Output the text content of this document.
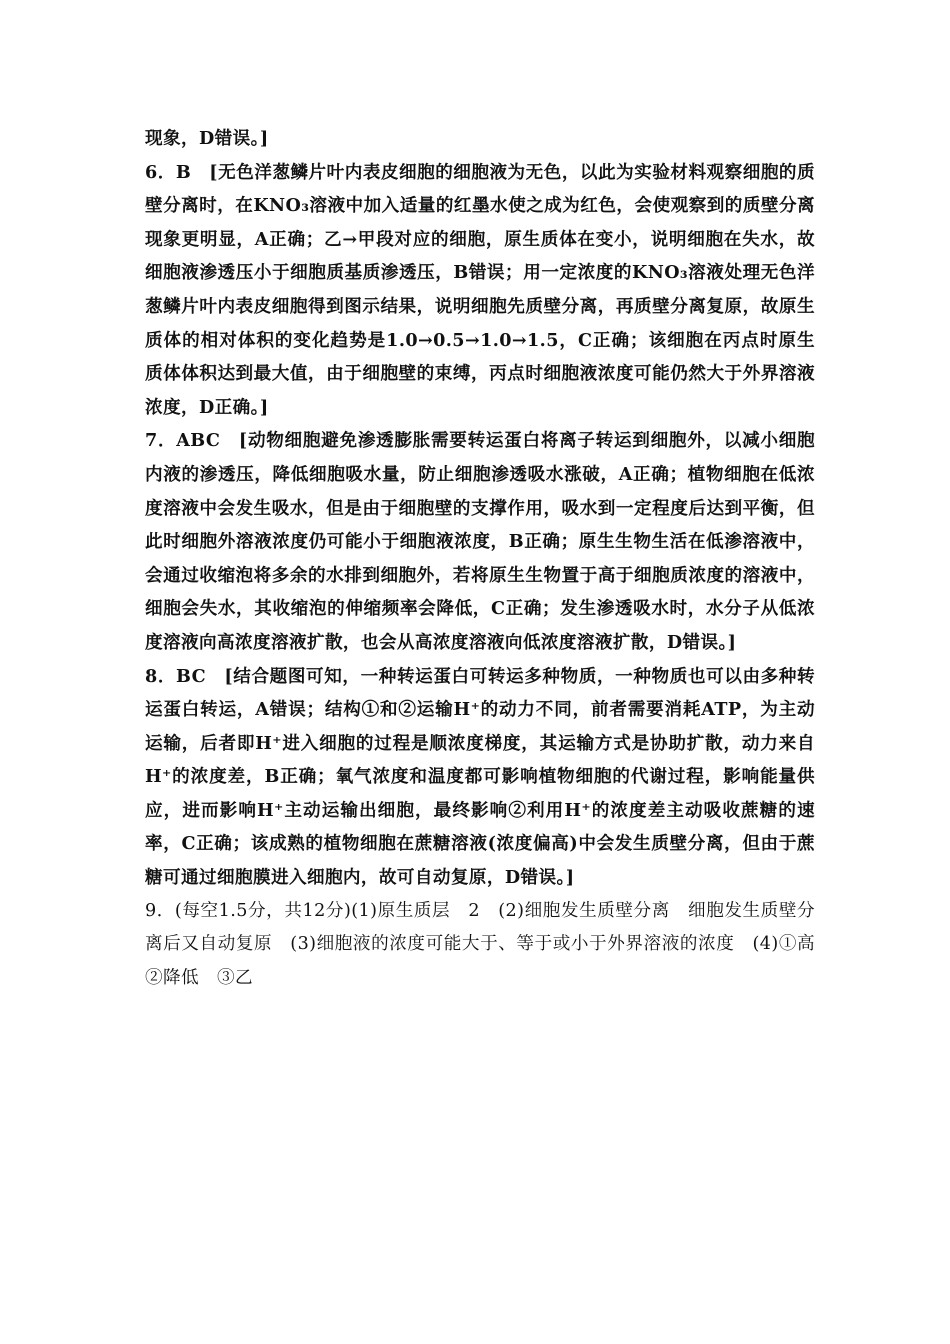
现象，D错误。]

6．B　[无色洋葱鳞片叶内表皮细胞的细胞液为无色，以此为实验材料观察细胞的质壁分离时，在KNO₃溶液中加入适量的红墨水使之成为红色，会使观察到的质壁分离现象更明显，A正确；乙→甲段对应的细胞，原生质体在变小，说明细胞在失水，故细胞液渗透压小于细胞质基质渗透压，B错误；用一定浓度的KNO₃溶液处理无色洋葱鳞片叶内表皮细胞得到图示结果，说明细胞先质壁分离，再质壁分离复原，故原生质体的相对体积的变化趋势是1.0→0.5→1.0→1.5，C正确；该细胞在丙点时原生质体体积达到最大值，由于细胞壁的束缚，丙点时细胞液浓度可能仍然大于外界溶液浓度，D正确。]

7．ABC　[动物细胞避免渗透膨胀需要转运蛋白将离子转运到细胞外，以减小细胞内液的渗透压，降低细胞吸水量，防止细胞渗透吸水涨破，A正确；植物细胞在低浓度溶液中会发生吸水，但是由于细胞壁的支撑作用，吸水到一定程度后达到平衡，但此时细胞外溶液浓度仍可能小于细胞液浓度，B正确；原生生物生活在低渗溶液中，会通过收缩泡将多余的水排到细胞外，若将原生生物置于高于细胞质浓度的溶液中，细胞会失水，其收缩泡的伸缩频率会降低，C正确；发生渗透吸水时，水分子从低浓度溶液向高浓度溶液扩散，也会从高浓度溶液向低浓度溶液扩散，D错误。]

8．BC　[结合题图可知，一种转运蛋白可转运多种物质，一种物质也可以由多种转运蛋白转运，A错误；结构①和②运输H⁺的动力不同，前者需要消耗ATP，为主动运输，后者即H⁺进入细胞的过程是顺浓度梯度，其运输方式是协助扩散，动力来自H⁺的浓度差，B正确；氧气浓度和温度都可影响植物细胞的代谢过程，影响能量供应，进而影响H⁺主动运输出细胞，最终影响②利用H⁺的浓度差主动吸收蔗糖的速率，C正确；该成熟的植物细胞在蔗糖溶液(浓度偏高)中会发生质壁分离，但由于蔗糖可通过细胞膜进入细胞内，故可自动复原，D错误。]

9．(每空1.5分，共12分)(1)原生质层　2　(2)细胞发生质壁分离　细胞发生质壁分离后又自动复原　(3)细胞液的浓度可能大于、等于或小于外界溶液的浓度　(4)①高　②降低　③乙
